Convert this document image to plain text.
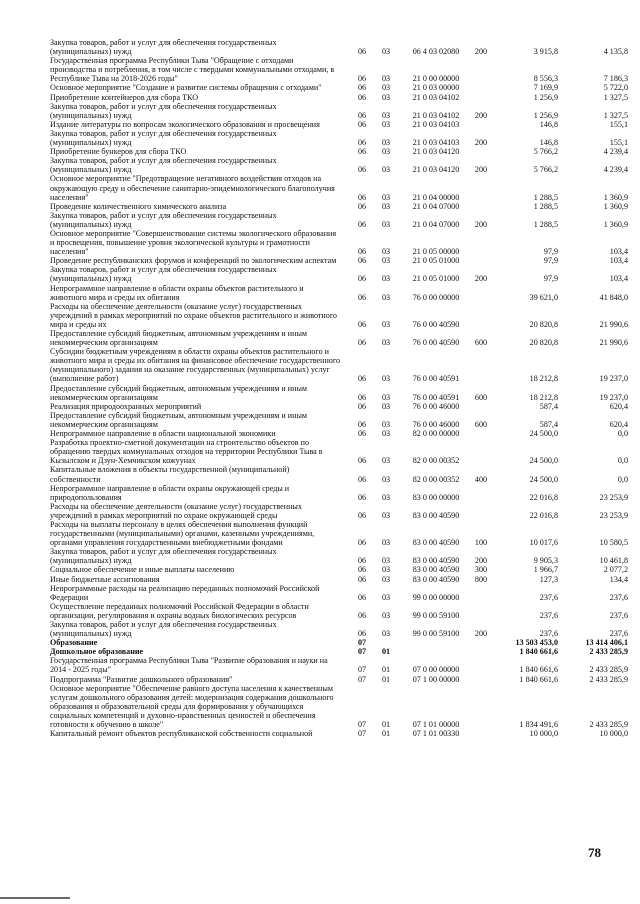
Закупка товаров, работ и услуг для обеспечения государственных (муниципальных) нужд	06	03	06 4 03 02080	200	3 915,8	4 135,8
Государственная программа Республики Тыва "Обращение с отходами производства и потребления, в том числе с твердыми коммунальными отходами, в Республике Тыва на 2018-2026 годы"	06	03	21 0 00 00000	8 556,3	7 186,3
Основное мероприятие "Создание и развитие системы обращения с отходами"	06	03	21 0 03 00000	7 169,9	5 722,0
Приобретение контейнеров для сбора ТКО	06	03	21 0 03 04102	1 256,9	1 327,5
Закупка товаров, работ и услуг для обеспечения государственных (муниципальных) нужд	06	03	21 0 03 04102	200	1 256,9	1 327,5
Издание литературы по вопросам экологического образования и просвещения	06	03	21 0 03 04103	146,8	155,1
Закупка товаров, работ и услуг для обеспечения государственных (муниципальных) нужд	06	03	21 0 03 04103	200	146,8	155,1
Приобретение бункеров для сбора ТКО	06	03	21 0 03 04120	5 766,2	4 239,4
Закупка товаров, работ и услуг для обеспечения государственных (муниципальных) нужд	06	03	21 0 03 04120	200	5 766,2	4 239,4
Основное мероприятие "Предотвращение негативного воздействия отходов на окружающую среду и обеспечение санитарно-эпидемиологического благополучия населения"	06	03	21 0 04 00000	1 288,5	1 360,9
Проведение количественного химического анализа	06	03	21 0 04 07000	1 288,5	1 360,9
Закупка товаров, работ и услуг для обеспечения государственных (муниципальных) нужд	06	03	21 0 04 07000	200	1 288,5	1 360,9
Основное мероприятие "Совершенствование системы экологического образования и просвещения, повышение уровня экологической культуры и грамотности населения"	06	03	21 0 05 00000	97,9	103,4
Проведение республиканских форумов и конференций по экологическим аспектам	06	03	21 0 05 01000	97,9	103,4
Закупка товаров, работ и услуг для обеспечения государственных (муниципальных) нужд	06	03	21 0 05 01000	200	97,9	103,4
Непрограммное направление в области охраны объектов растительного и животного мира и среды их обитания	06	03	76 0 00 00000	39 621,0	41 848,0
Расходы на обеспечение деятельности (оказание услуг) государственных учреждений в рамках мероприятий по охране объектов растительного и животного мира и среды их	06	03	76 0 00 40590	20 820,8	21 990,6
Предоставление субсидий бюджетным, автономным учреждениям и иным некоммерческим организациям	06	03	76 0 00 40590	600	20 820,8	21 990,6
Субсидии бюджетным учреждениям в области охраны объектов растительного и животного мира и среды их обитания на финансовое обеспечение государственного (муниципального) задания на оказание государственных (муниципальных) услуг (выполнение работ)	06	03	76 0 00 40591	18 212,8	19 237,0
Предоставление субсидий бюджетным, автономным учреждениям и иным некоммерческим организациям	06	03	76 0 00 40591	600	18 212,8	19 237,0
Реализация природоохранных мероприятий	06	03	76 0 00 46000	587,4	620,4
Предоставление субсидий бюджетным, автономным учреждениям и иным некоммерческим организациям	06	03	76 0 00 46000	600	587,4	620,4
Непрограммное направление в области национальной экономики	06	03	82 0 00 00000	24 500,0	0,0
Разработка проектно-сметной документации на строительство объектов по обращению твердых коммунальных отходов на территории Республики Тыва в Кызылском и Дзун-Хемчикском кожуунах	06	03	82 0 00 00352	24 500,0	0,0
Капитальные вложения в объекты государственной (муниципальной) собственности	06	03	82 0 00 00352	400	24 500,0	0,0
Непрограммное направление в области охраны окружающей среды и природопользования	06	03	83 0 00 00000	22 016,8	23 253,9
Расходы на обеспечение деятельности (оказание услуг) государственных учреждений в рамках мероприятий по охране окружающей среды	06	03	83 0 00 40590	22 016,8	23 253,9
Расходы на выплаты персоналу в целях обеспечения выполнения функций государственными (муниципальными) органами, казенными учреждениями, органами управления государственными внебюджетными фондами	06	03	83 0 00 40590	100	10 017,6	10 580,5
Закупка товаров, работ и услуг для обеспечения государственных (муниципальных) нужд	06	03	83 0 00 40590	200	9 905,3	10 461,8
Социальное обеспечение и иные выплаты населению	06	03	83 0 00 40590	300	1 966,7	2 077,2
Иные бюджетные ассигнования	06	03	83 0 00 40590	800	127,3	134,4
Непрограммные расходы на реализацию переданных полномочий Российской Федерации	06	03	99 0 00 00000	237,6	237,6
Осуществление переданных полномочий Российской Федерации в области организации, регулирования и охраны водных биологических ресурсов	06	03	99 0 00 59100	237,6	237,6
Закупка товаров, работ и услуг для обеспечения государственных (муниципальных) нужд	06	03	99 0 00 59100	200	237,6	237,6
Образование	07	13 503 453,0	13 414 406,1
Дошкольное образование	07	01	1 840 661,6	2 433 285,9
Государственная программа Республики Тыва "Развитие образования и науки на 2014 - 2025 годы"	07	01	07 0 00 00000	1 840 661,6	2 433 285,9
Подпрограмма "Развитие дошкольного образования"	07	01	07 1 00 00000	1 840 661,6	2 433 285,9
Основное мероприятие "Обеспечение равного доступа населения к качественным услугам дошкольного образования детей: модернизация содержания дошкольного образования и образовательной среды для формирования у обучающихся социальных компетенций и духовно-нравственных ценностей и обеспечения готовности к обучению в школе"	07	01	07 1 01 00000	1 834 491,6	2 433 285,9
Капитальный ремонт объектов республиканской собственности социальной	07	01	07 1 01 00330	10 000,0	10 000,0
78
